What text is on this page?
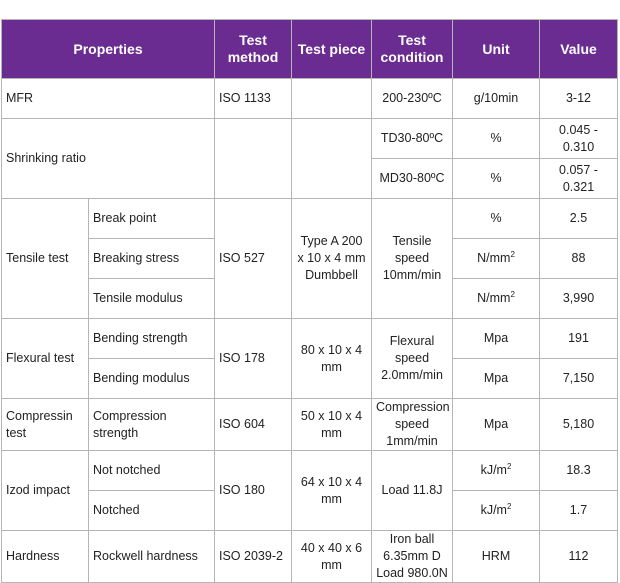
Properties		Test method	Test piece	Test condition	Unit	Value
MFR		ISO 1133		200-230ºC	g/10min	3-12
Shrinking ratio				TD30-80ºC	%	0.045 - 0.310
				MD30-80ºC	%	0.057 - 0.321
Tensile test	Break point	ISO 527	Type A 200 x 10 x 4 mm Dumbbell	Tensile speed 10mm/min	%	2.5
	Breaking stress				$N/mm^2$	88
	Tensile modulus				$N/mm^2$	3,990
Flexural test	Bending strength	ISO 178	80 x 10 x 4 mm	Flexural speed 2.0mm/min	Mpa	191
	Bending modulus				Mpa	7,150
Compressin test	Compression strength	ISO 604	50 x 10 x 4 mm	Compression speed 1mm/min	Mpa	5,180
Izod impact	Not notched	ISO 180	64 x 10 x 4 mm	Load 11.8J	$kJ/m^2$	18.3
	Notched				$kJ/m^2$	1.7
Hardness	Rockwell hardness	ISO 2039-2	40 x 40 x 6 mm	Iron ball 6.35mm D Load 980.0N	HRM	112
